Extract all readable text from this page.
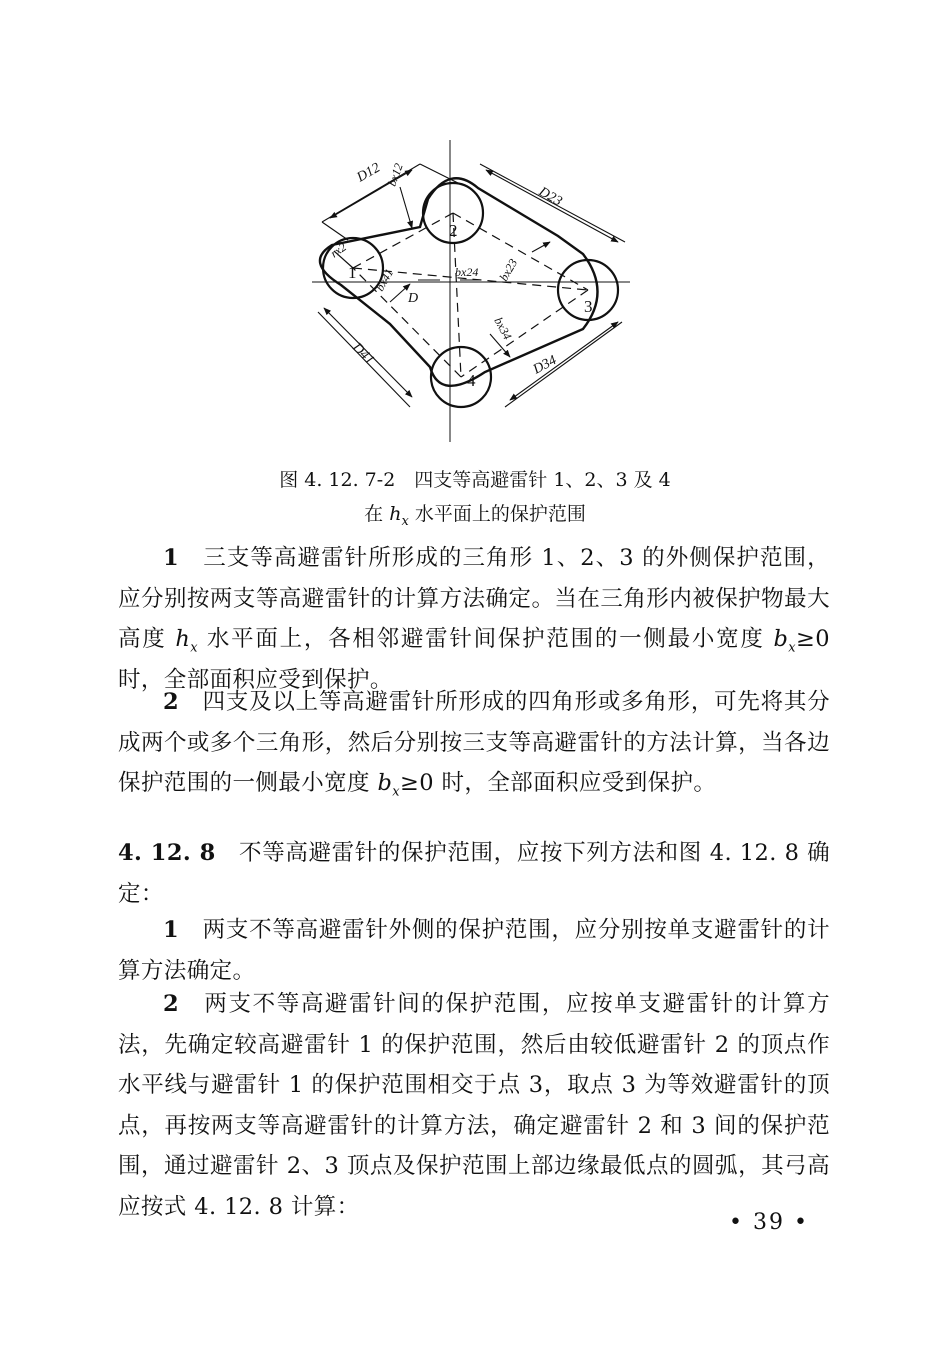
1
2
3
4
D12
D23
D34
D41
D
bx12
bx23
bx34
bx41	bx24
rx2
图 4. 12. 7-2　四支等高避雷针 1、2、3 及 4
在 $h_x$ 水平面上的保护范围
1　 三支等高避雷针所形成的三角形 1、2、3 的外侧保护范围，应分别按两支等高避雷针的计算方法确定。当在三角形内被保护物最大高度 $h_x$ 水平面上，各相邻避雷针间保护范围的一侧最小宽度 $b_x\ge 0$ 时，全部面积应受到保护。
2　 四支及以上等高避雷针所形成的四角形或多角形，可先将其分成两个或多个三角形，然后分别按三支等高避雷针的方法计算，当各边保护范围的一侧最小宽度 $b_x\ge 0$ 时，全部面积应受到保护。
4. 12. 8　 不等高避雷针的保护范围，应按下列方法和图 4. 12. 8 确定：
1　 两支不等高避雷针外侧的保护范围，应分别按单支避雷针的计算方法确定。
2　 两支不等高避雷针间的保护范围，应按单支避雷针的计算方法，先确定较高避雷针 1 的保护范围，然后由较低避雷针 2 的顶点作水平线与避雷针 1 的保护范围相交于点 3，取点 3 为等效避雷针的顶点，再按两支等高避雷针的计算方法，确定避雷针 2 和 3 间的保护范围，通过避雷针 2、3 顶点及保护范围上部边缘最低点的圆弧，其弓高应按式 4. 12. 8 计算：
• 39 •
